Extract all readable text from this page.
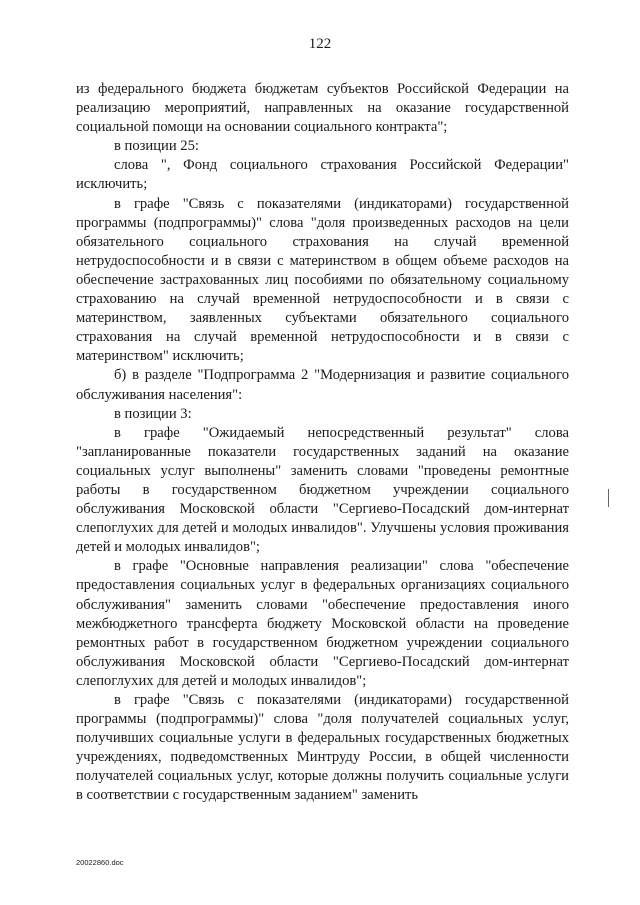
122

из федерального бюджета бюджетам субъектов Российской Федерации на реализацию мероприятий, направленных на оказание государственной социальной помощи на основании социального контракта";

в позиции 25:

слова ", Фонд социального страхования Российской Федерации" исключить;

в графе "Связь с показателями (индикаторами) государственной программы (подпрограммы)" слова "доля произведенных расходов на цели обязательного социального страхования на случай временной нетрудоспособности и в связи с материнством в общем объеме расходов на обеспечение застрахованных лиц пособиями по обязательному социальному страхованию на случай временной нетрудоспособности и в связи с материнством, заявленных субъектами обязательного социального страхования на случай временной нетрудоспособности и в связи с материнством" исключить;

б) в разделе "Подпрограмма 2 "Модернизация и развитие социального обслуживания населения":

в позиции 3:

в графе "Ожидаемый непосредственный результат" слова "запланированные показатели государственных заданий на оказание социальных услуг выполнены" заменить словами "проведены ремонтные работы в государственном бюджетном учреждении социального обслуживания Московской области "Сергиево-Посадский дом-интернат слепоглухих для детей и молодых инвалидов". Улучшены условия проживания детей и молодых инвалидов";

в графе "Основные направления реализации" слова "обеспечение предоставления социальных услуг в федеральных организациях социального обслуживания" заменить словами "обеспечение предоставления иного межбюджетного трансферта бюджету Московской области на проведение ремонтных работ в государственном бюджетном учреждении социального обслуживания Московской области "Сергиево-Посадский дом-интернат слепоглухих для детей и молодых инвалидов";

в графе "Связь с показателями (индикаторами) государственной программы (подпрограммы)" слова "доля получателей социальных услуг, получивших социальные услуги в федеральных государственных бюджетных учреждениях, подведомственных Минтруду России, в общей численности получателей социальных услуг, которые должны получить социальные услуги в соответствии с государственным заданием" заменить

20022860.doc
